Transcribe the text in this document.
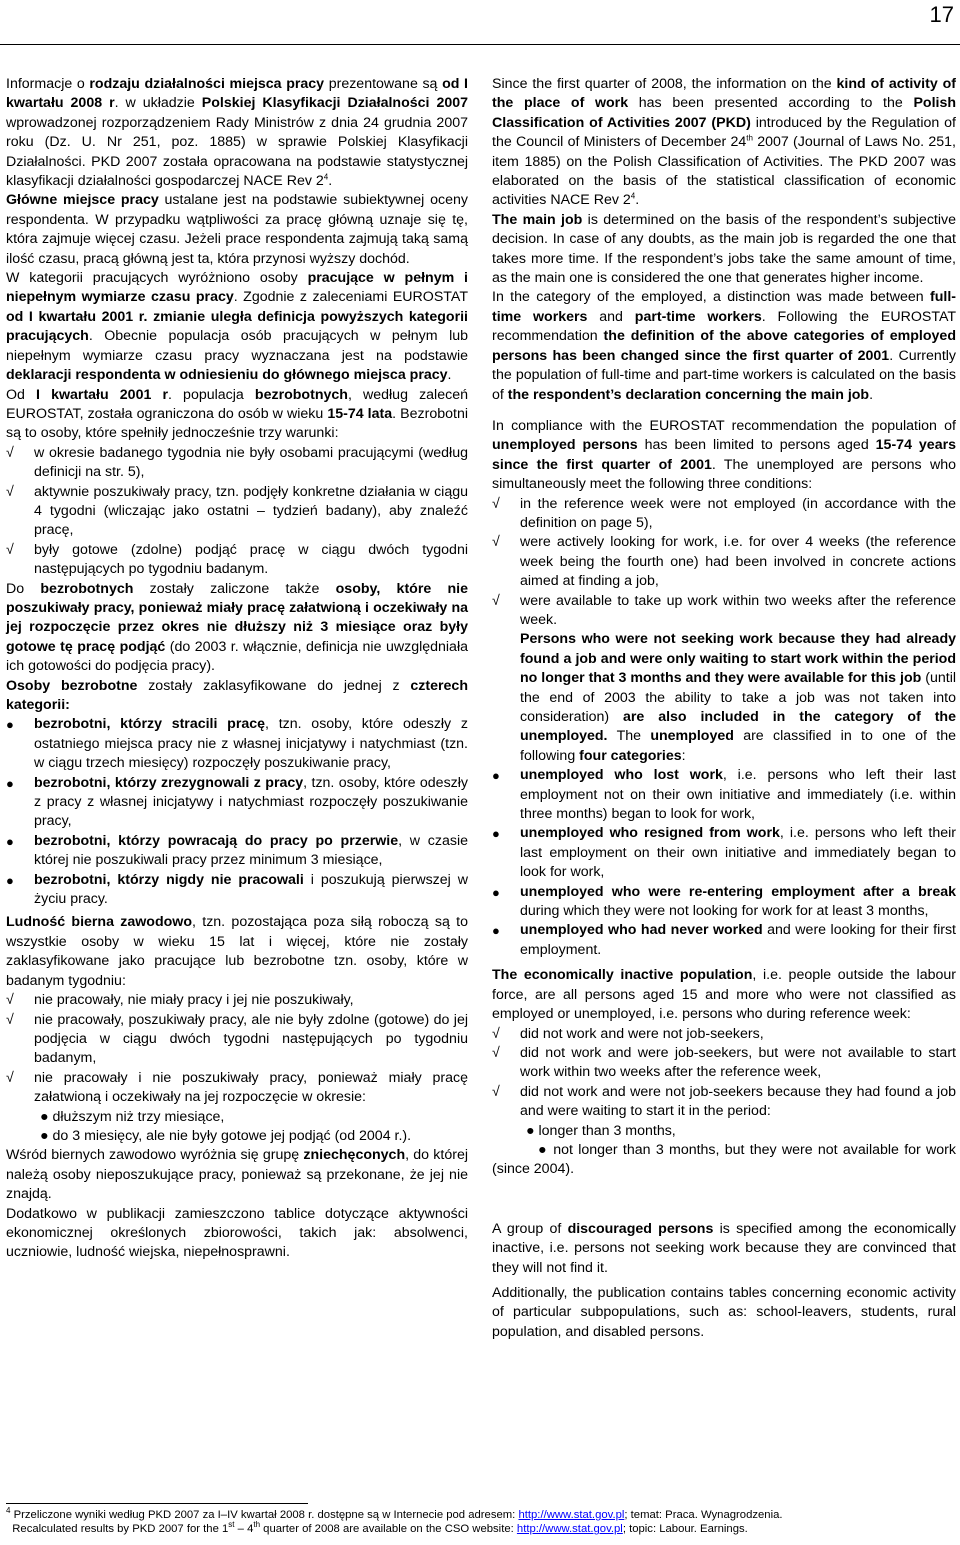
17

Informacje o rodzaju działalności miejsca pracy prezentowane są od I kwartału 2008 r. w układzie Polskiej Klasyfikacji Działalności 2007 wprowadzonej rozporządzeniem Rady Ministrów z dnia 24 grudnia 2007 roku (Dz. U. Nr 251, poz. 1885) w sprawie Polskiej Klasyfikacji Działalności. PKD 2007 została opracowana na podstawie statystycznej klasyfikacji działalności gospodarczej NACE Rev $2^4$.

Główne miejsce pracy ustalane jest na podstawie subiektywnej oceny respondenta. W przypadku wątpliwości za pracę główną uznaje się tę, która zajmuje więcej czasu. Jeżeli prace respondenta zajmują taką samą ilość czasu, pracą główną jest ta, która przynosi wyższy dochód.

W kategorii pracujących wyróżniono osoby pracujące w pełnym i niepełnym wymiarze czasu pracy. Zgodnie z zaleceniami EUROSTAT od I kwartału 2001 r. zmianie uległa definicja powyższych kategorii pracujących. Obecnie populacja osób pracujących w pełnym lub niepełnym wymiarze czasu pracy wyznaczana jest na podstawie deklaracji respondenta w odniesieniu do głównego miejsca pracy.

Od I kwartału 2001 r. populacja bezrobotnych, według zaleceń EUROSTAT, została ograniczona do osób w wieku 15-74 lata. Bezrobotni są to osoby, które spełniły jednocześnie trzy warunki:

√	w okresie badanego tygodnia nie były osobami pracującymi (według definicji na str. 5),
√	aktywnie poszukiwały pracy, tzn. podjęły konkretne działania w ciągu 4 tygodni (wliczając jako ostatni – tydzień badany), aby znaleźć pracę,
√	były gotowe (zdolne) podjąć pracę w ciągu dwóch tygodni następujących po tygodniu badanym.

Do bezrobotnych zostały zaliczone także osoby, które nie poszukiwały pracy, ponieważ miały pracę załatwioną i oczekiwały na jej rozpoczęcie przez okres nie dłuższy niż 3 miesiące oraz były gotowe tę pracę podjąć (do 2003 r. włącznie, definicja nie uwzględniała ich gotowości do podjęcia pracy).

Osoby bezrobotne zostały zaklasyfikowane do jednej z czterech kategorii:

●	bezrobotni, którzy stracili pracę, tzn. osoby, które odeszły z ostatniego miejsca pracy nie z własnej inicjatywy i natychmiast (tzn. w ciągu trzech miesięcy) rozpoczęły poszukiwanie pracy,
●	bezrobotni, którzy zrezygnowali z pracy, tzn. osoby, które odeszły z pracy z własnej inicjatywy i natychmiast rozpoczęły poszukiwanie pracy,
●	bezrobotni, którzy powracają do pracy po przerwie, w czasie której nie poszukiwali pracy przez minimum 3 miesiące,
●	bezrobotni, którzy nigdy nie pracowali i poszukują pierwszej w życiu pracy.

Ludność bierna zawodowo, tzn. pozostająca poza siłą roboczą są to wszystkie osoby w wieku 15 lat i więcej, które nie zostały zaklasyfikowane jako pracujące lub bezrobotne tzn. osoby, które w badanym tygodniu:

√	nie pracowały, nie miały pracy i jej nie poszukiwały,
√	nie pracowały, poszukiwały pracy, ale nie były zdolne (gotowe) do jej podjęcia w ciągu dwóch tygodni następujących po tygodniu badanym,
√	nie pracowały i nie poszukiwały pracy, ponieważ miały pracę załatwioną i oczekiwały na jej rozpoczęcie w okresie:

● dłuższym niż trzy miesiące,

● do 3 miesięcy, ale nie były gotowe jej podjąć (od 2004 r.).

Wśród biernych zawodowo wyróżnia się grupę zniechęconych, do której należą osoby nieposzukujące pracy, ponieważ są przekonane, że jej nie znajdą.

Dodatkowo w publikacji zamieszczono tablice dotyczące aktywności ekonomicznej określonych zbiorowości, takich jak: absolwenci, uczniowie, ludność wiejska, niepełnosprawni.

Since the first quarter of 2008, the information on the kind of activity of the place of work has been presented according to the Polish Classification of Activities 2007 (PKD) introduced by the Regulation of the Council of Ministers of December 24th 2007 (Journal of Laws No. 251, item 1885) on the Polish Classification of Activities. The PKD 2007 was elaborated on the basis of the statistical classification of economic activities NACE Rev $2^4$.

The main job is determined on the basis of the respondent’s subjective decision. In case of any doubts, as the main job is regarded the one that takes more time. If the respondent’s jobs take the same amount of time, as the main one is considered the one that generates higher income.

In the category of the employed, a distinction was made between full-time workers and part-time workers. Following the EUROSTAT recommendation the definition of the above categories of employed persons has been changed since the first quarter of 2001. Currently the population of full-time and part-time workers is calculated on the basis of the respondent’s declaration concerning the main job.

In compliance with the EUROSTAT recommendation the population of unemployed persons has been limited to persons aged 15-74 years since the first quarter of 2001. The unemployed are persons who simultaneously meet the following three conditions:

√	in the reference week were not employed (in accordance with the definition on page 5),
√	were actively looking for work, i.e. for over 4 weeks (the reference week being the fourth one) had been involved in concrete actions aimed at finding a job,
√	were available to take up work within two weeks after the reference week.

Persons who were not seeking work because they had already found a job and were only waiting to start work within the period no longer that 3 months and they were available for this job (until the end of 2003 the ability to take a job was not taken into consideration) are also included in the category of the unemployed. The unemployed are classified in to one of the following four categories:

●	unemployed who lost work, i.e. persons who left their last employment not on their own initiative and immediately (i.e. within three months) began to look for work,
●	unemployed who resigned from work, i.e. persons who left their last employment on their own initiative and immediately began to look for work,
●	unemployed who were re-entering employment after a break during which they were not looking for work for at least 3 months,
●	unemployed who had never worked and were looking for their first employment.

The economically inactive population, i.e. people outside the labour force, are all persons aged 15 and more who were not classified as employed or unemployed, i.e. persons who during reference week:

√	did not work and were not job-seekers,
√	did not work and were job-seekers, but were not available to start work within two weeks after the reference week,
√	did not work and were not job-seekers because they had found a job and were waiting to start it in the period:

● longer than 3 months,

● not longer than 3 months, but they were not available for work (since 2004).

A group of discouraged persons is specified among the economically inactive, i.e. persons not seeking work because they are convinced that they will not find it.

Additionally, the publication contains tables concerning economic activity of particular subpopulations, such as: school-leavers, students, rural population, and disabled persons.

$^4$ Przeliczone wyniki według PKD 2007 za I–IV kwartał 2008 r. dostępne są w Internecie pod adresem: http://www.stat.gov.pl; temat: Praca. Wynagrodzenia.
Recalculated results by PKD 2007 for the 1st – 4th quarter of 2008 are available on the CSO website: http://www.stat.gov.pl; topic: Labour. Earnings.
